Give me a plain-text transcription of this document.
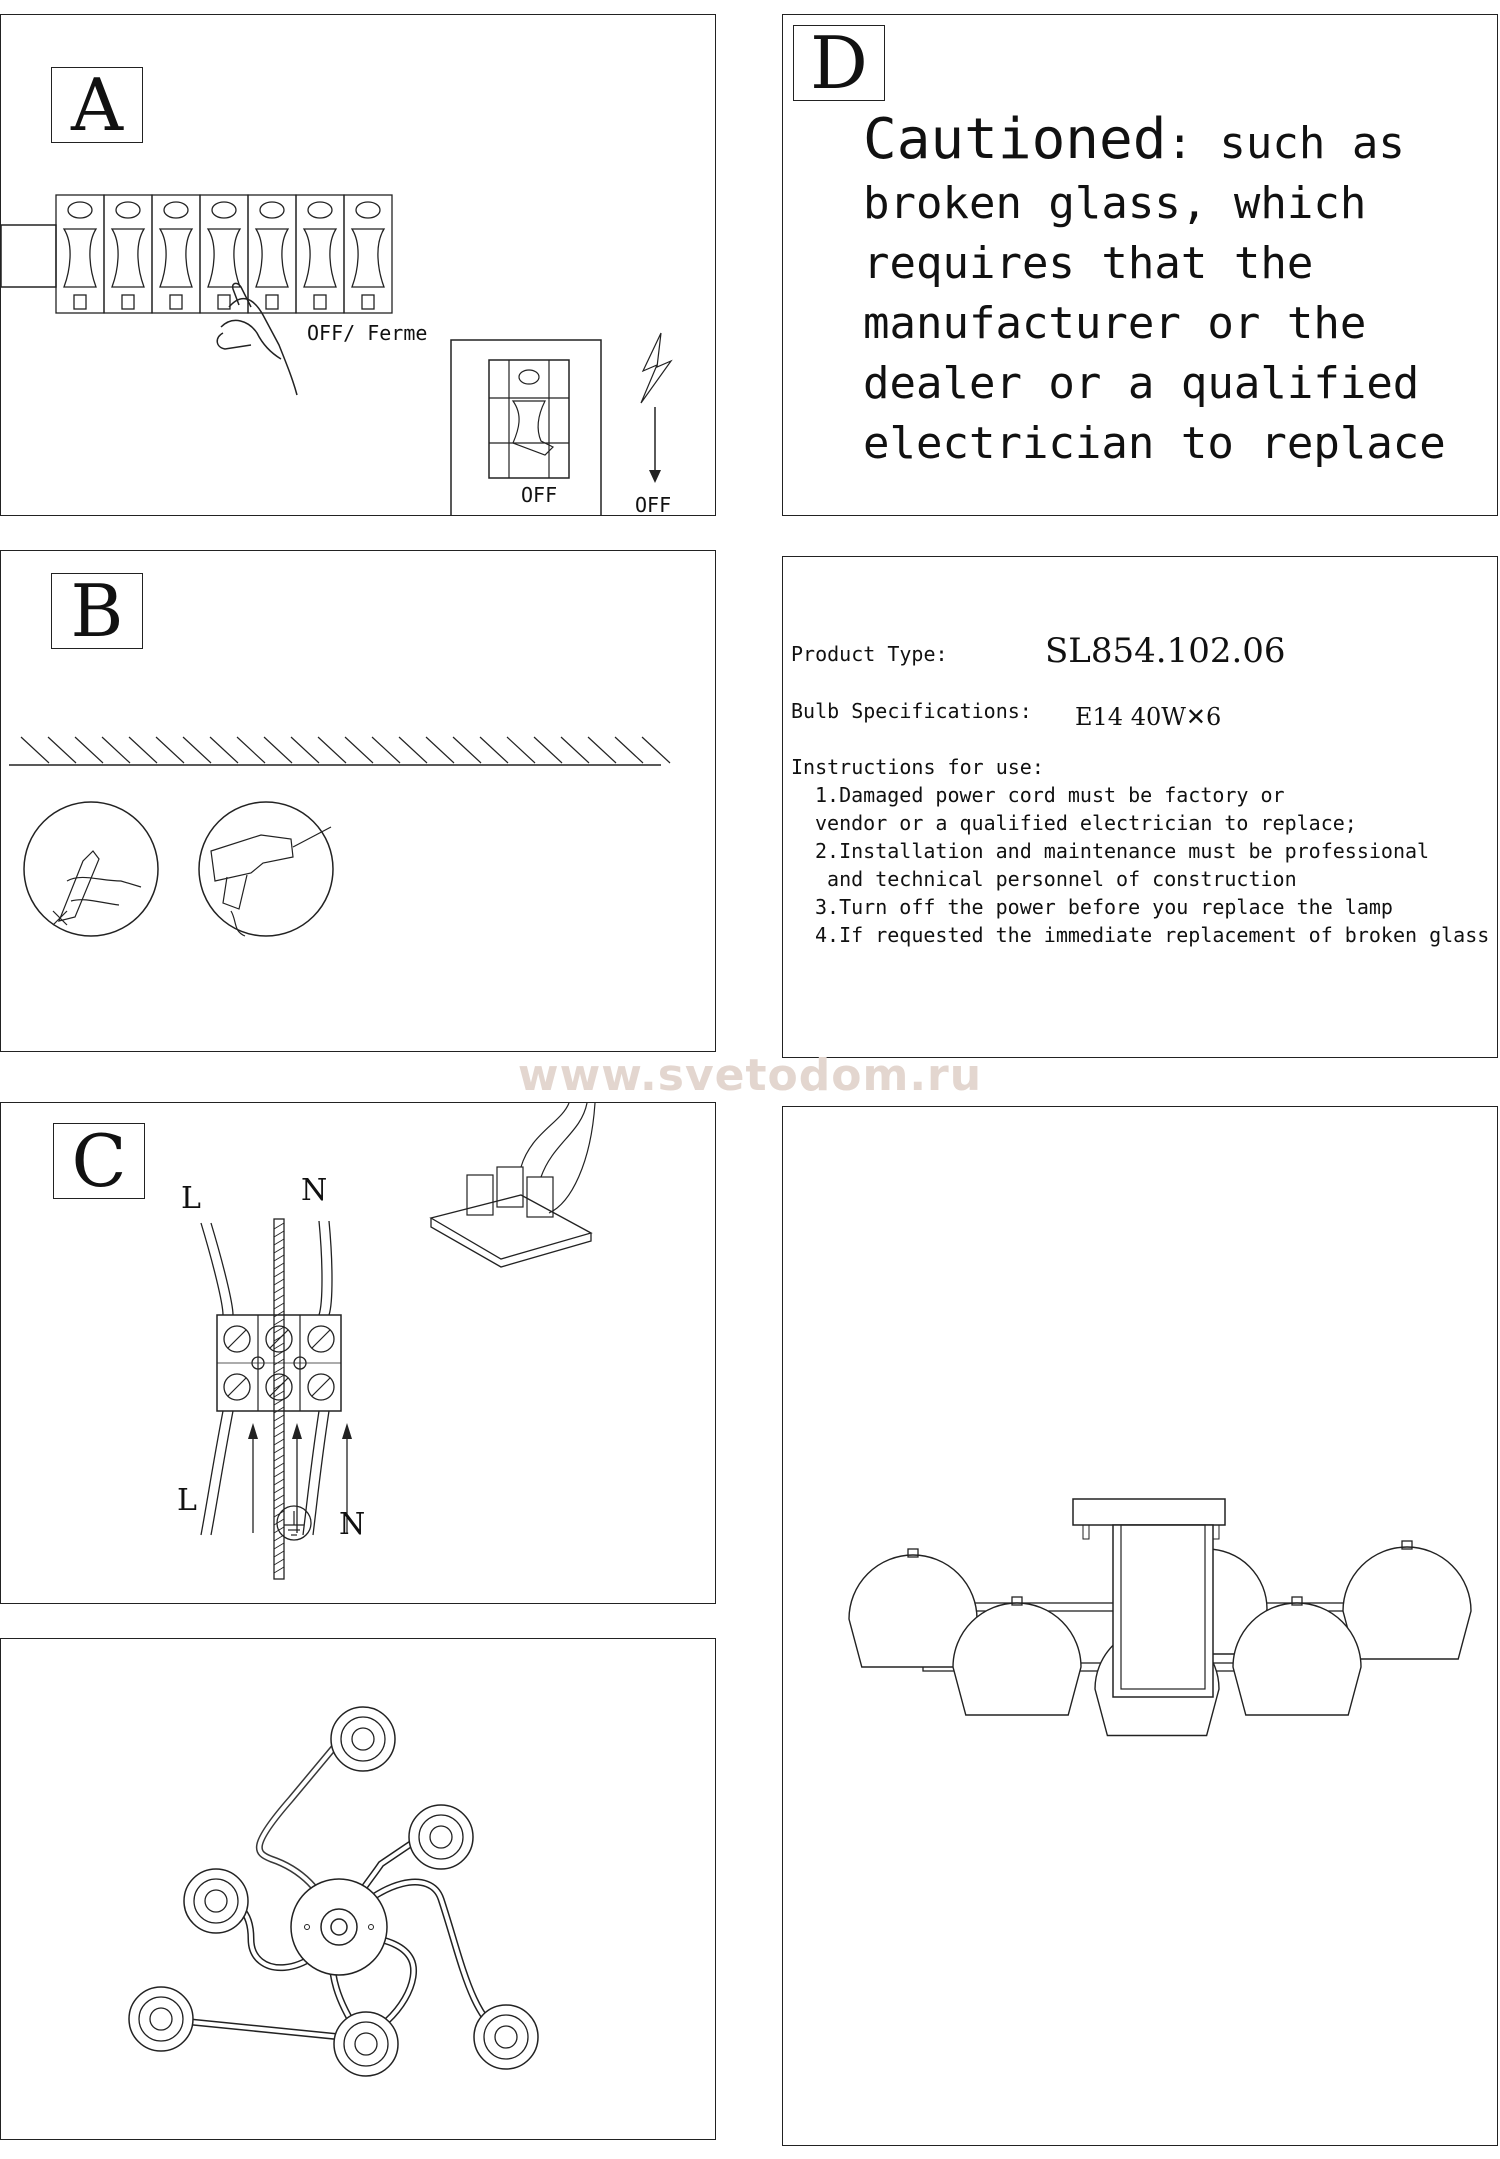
A
OFF/ Ferme
OFF	OFF
D
Cautioned: such as broken glass, which requires that the manufacturer or the dealer or a qualified electrician to replace
B
Product Type:	SL854.102.06
Bulb Specifications: E14 40W✕6
Instructions for use:
1.Damaged power cord must be factory or
vendor or a qualified electrician to replace;
2.Installation and maintenance must be professional
and technical personnel of construction
3.Turn off the power before you replace the lamp
4.If requested the immediate replacement of broken glass
www.svetodom.ru
C	L	N
L
N
